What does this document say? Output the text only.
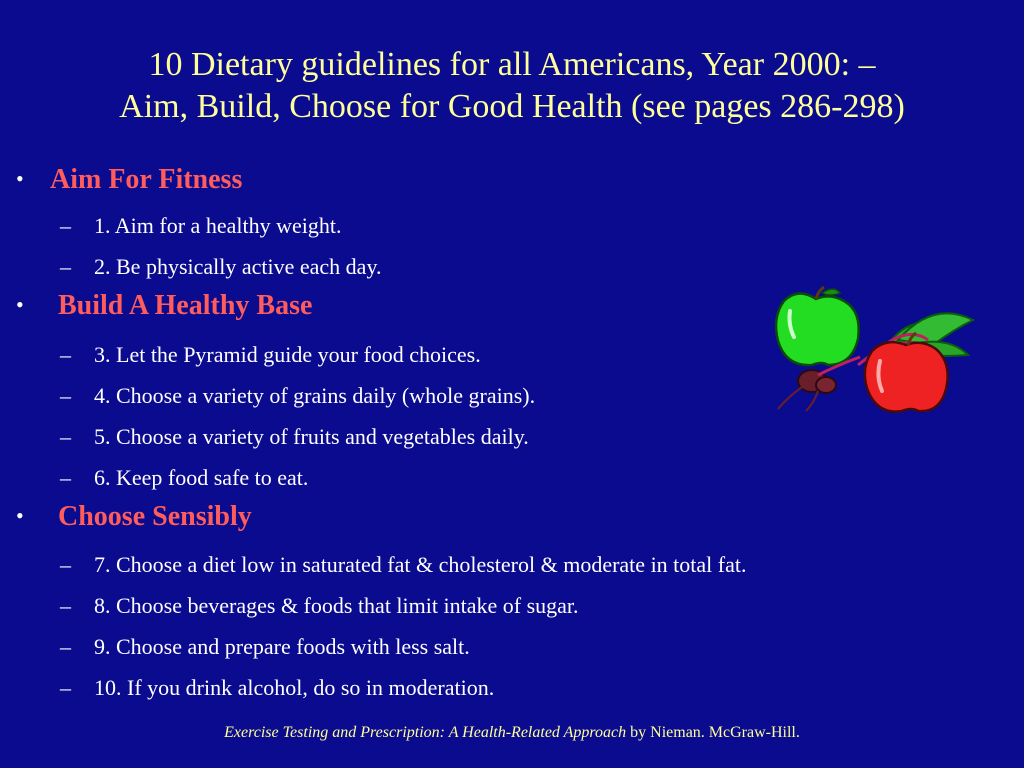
10 Dietary guidelines for all Americans, Year 2000: –
Aim, Build, Choose for Good Health (see pages 286-298)
• Aim For Fitness
– 1. Aim for a healthy weight.
– 2. Be physically active each day.
• Build A Healthy Base
– 3. Let the Pyramid guide your food choices.
– 4. Choose a variety of grains daily (whole grains).
– 5. Choose a variety of fruits and vegetables daily.
– 6. Keep food safe to eat.
• Choose Sensibly
– 7. Choose a diet low in saturated fat & cholesterol & moderate in total fat.
– 8. Choose beverages & foods that limit intake of sugar.
– 9. Choose and prepare foods with less salt.
– 10. If you drink alcohol, do so in moderation.
Exercise Testing and Prescription: A Health-Related Approach by Nieman. McGraw-Hill.
